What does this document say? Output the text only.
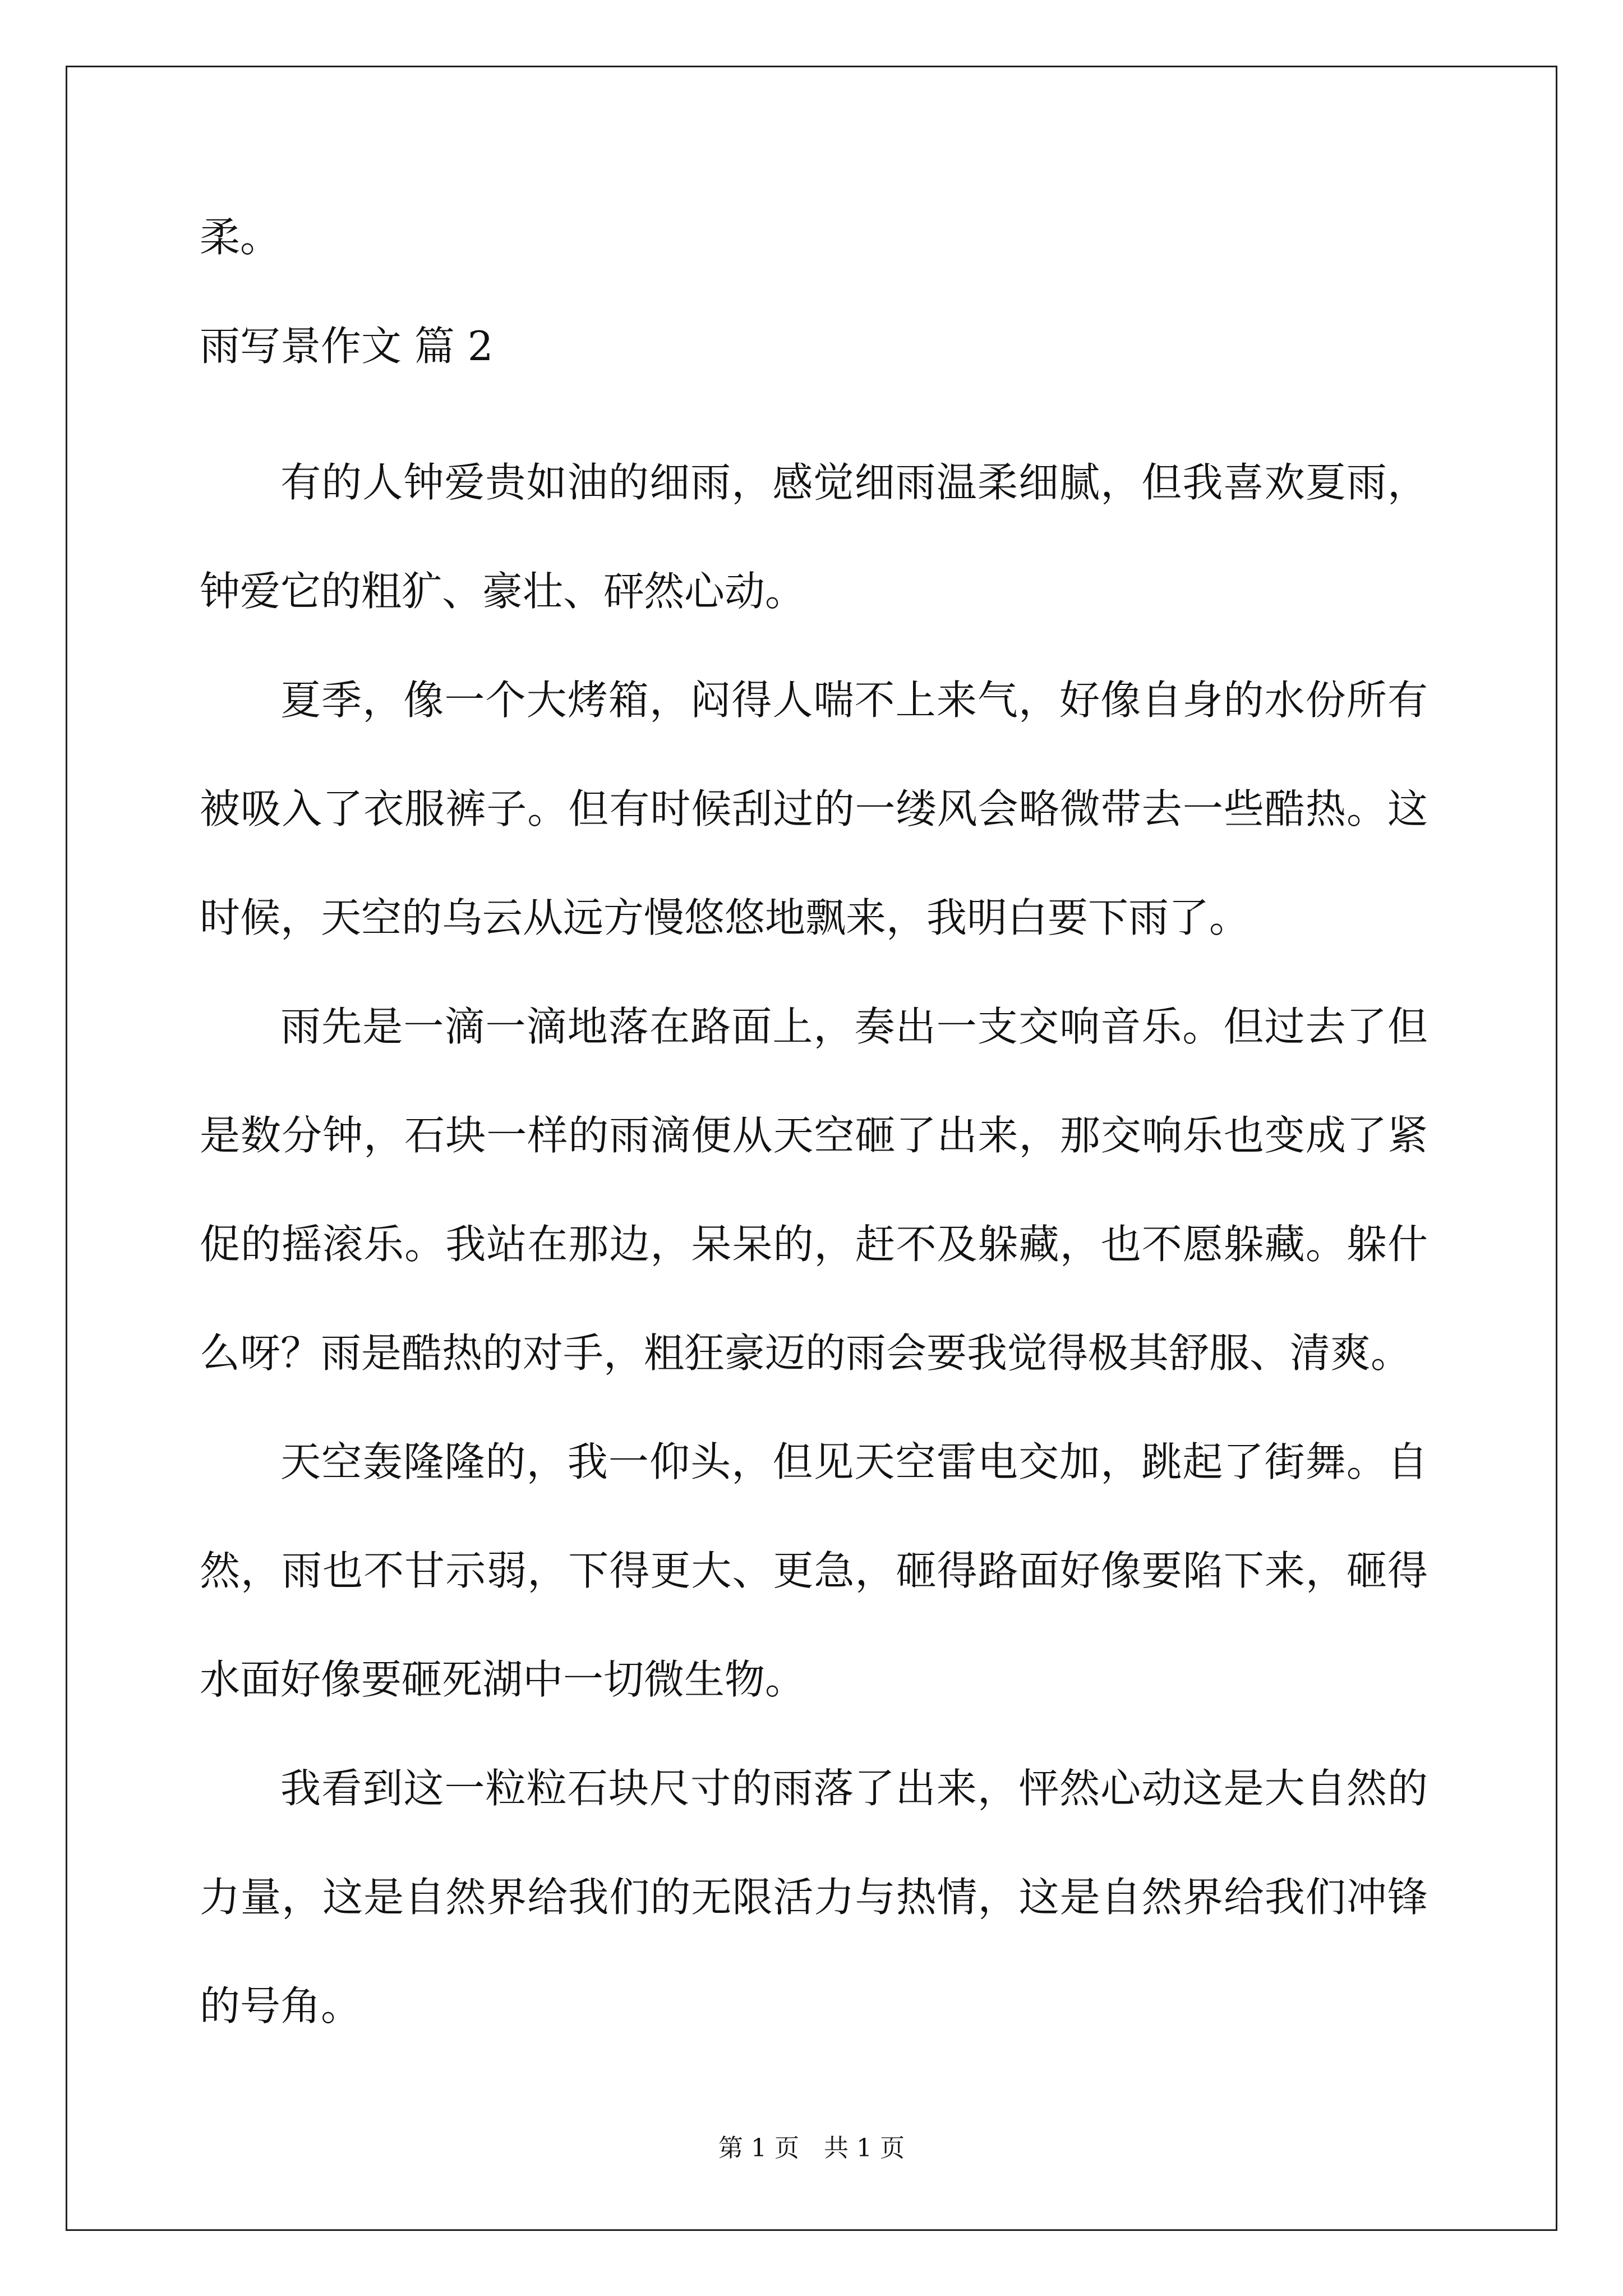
柔。

雨写景作文 篇 2

有的人钟爱贵如油的细雨，感觉细雨温柔细腻，但我喜欢夏雨，钟爱它的粗犷、豪壮、砰然心动。

夏季，像一个大烤箱，闷得人喘不上来气，好像自身的水份所有被吸入了衣服裤子。但有时候刮过的一缕风会略微带去一些酷热。这时候，天空的乌云从远方慢悠悠地飘来，我明白要下雨了。

雨先是一滴一滴地落在路面上，奏出一支交响音乐。但过去了但是数分钟，石块一样的雨滴便从天空砸了出来，那交响乐也变成了紧促的摇滚乐。我站在那边，呆呆的，赶不及躲藏，也不愿躲藏。躲什么呀？雨是酷热的对手，粗狂豪迈的雨会要我觉得极其舒服、清爽。

天空轰隆隆的，我一仰头，但见天空雷电交加，跳起了街舞。自然，雨也不甘示弱，下得更大、更急，砸得路面好像要陷下来，砸得水面好像要砸死湖中一切微生物。

我看到这一粒粒石块尺寸的雨落了出来，怦然心动这是大自然的力量，这是自然界给我们的无限活力与热情，这是自然界给我们冲锋的号角。

第 1 页　共 1 页
